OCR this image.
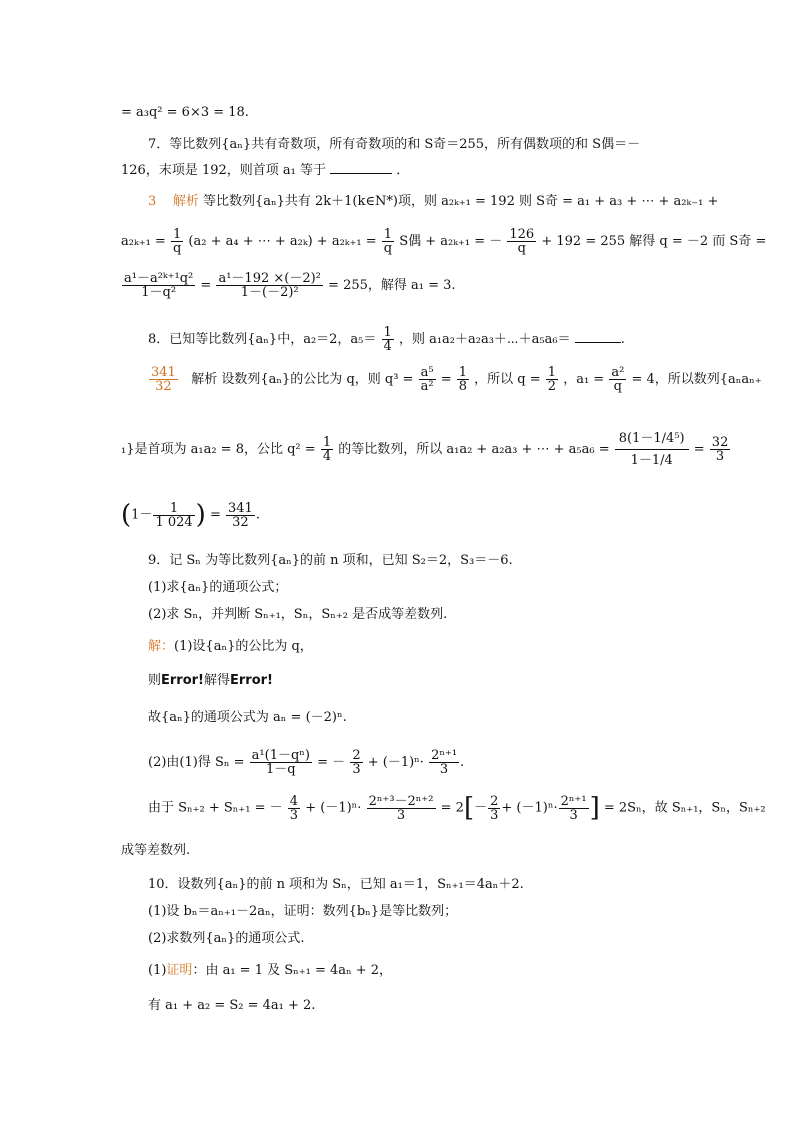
= a₃q² = 6×3 = 18.
7．等比数列{aₙ}共有奇数项，所有奇数项的和 S奇＝255，所有偶数项的和 S偶＝－
126，末项是 192，则首项 a₁ 等于	．
3 解析 等比数列{aₙ}共有 2k＋1(k∈N*)项，则 a₂ₖ₊₁ = 192 则 S奇 = a₁ + a₃ + ⋯ + a₂ₖ₋₁ +
$a_{2k+1} = \frac{1}{q} (a_2 + a_4$ + ⋯ + $a_{2k}) + a_{2k+1} = \frac{1}{q}$ S偶 + a₂ₖ₊₁ = － $\frac{126}{q} + 192 = 255$ 解得 q = －2 而 S奇 =
$\frac{\text{a¹－a²ᵏ⁺¹q²}}{\text{1－q²}} = \frac{\text{a¹－192 ×(－2)²}}{\text{1－(－2)²}} = 255$，解得 a₁ = 3.
8．已知等比数列{aₙ}中，a₂＝2，$a_5= \frac{1}{4}$ ，则 a₁a₂＋a₂a₃＋⋯＋a₅a₆＝	.
$\frac{341}{32}$ 解析 设数列{aₙ}的公比为 q，则 $q^3 = \frac{\text{a⁵}}{\text{a²}} = \frac{1}{8}$ ，所以 $q = \frac{1}{2}$ ，$a_1 = \frac{\text{a²}}{q} = 4$，所以数列{aₙaₙ₊
₁}是首项为 a₁a₂ = 8，公比 $q^2 = \frac{1}{4}$ 的等比数列，所以 a₁a₂ + a₂a₃ + ⋯ + $a_5a_6 = \frac{\text{8(1－1/4⁵)}}{1-1/4} = \frac{32}{3}$
($1- \frac{1}{1 024}$ ) = $\frac{341}{32}$ .
9．记 Sₙ 为等比数列{aₙ}的前 n 项和，已知 S₂＝2，S₃＝－6.
(1)求{aₙ}的通项公式；
(2)求 Sₙ，并判断 Sₙ₊₁，Sₙ，Sₙ₊₂ 是否成等差数列.
解：(1)设{aₙ}的公比为 q，
则Error!解得Error!
故{aₙ}的通项公式为 aₙ = (－2)ⁿ.
(2)由(1)得 $S_n = \frac{\text{a¹(1－qⁿ)}}{1-q}$ = － $\frac{2}{3} + (-1)^n\cdot \frac{\text{2ⁿ⁺¹}}{3}$ .
由于 Sₙ₊₂ + Sₙ₊₁ = － $\frac{4}{3} + (-1)^n\cdot \frac{\text{2ⁿ⁺³－2ⁿ⁺²}}{3} = 2[- \frac{2}{3} + (-1)^n\cdot \frac{\text{2ⁿ⁺¹}}{3}$ ] = 2Sₙ，故 Sₙ₊₁，Sₙ，Sₙ₊₂
成等差数列.
10．设数列{aₙ}的前 n 项和为 Sₙ，已知 a₁＝1，Sₙ₊₁＝4aₙ＋2.
(1)设 bₙ＝aₙ₊₁－2aₙ，证明：数列{bₙ}是等比数列；
(2)求数列{aₙ}的通项公式.
(1)证明：由 a₁ = 1 及 Sₙ₊₁ = 4aₙ + 2，
有 a₁ + a₂ = S₂ = 4a₁ + 2.
